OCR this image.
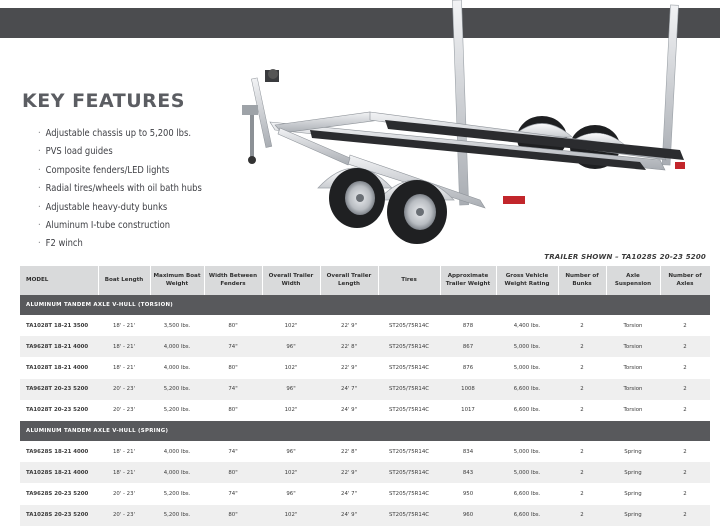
KEY FEATURES
· Adjustable chassis up to 5,200 lbs.
· PVS load guides
· Composite fenders/LED lights
· Radial tires/wheels with oil bath hubs
· Adjustable heavy-duty bunks
· Aluminum I-tube construction
· F2 winch
TRAILER SHOWN – TA1028S 20-23 5200
MODEL	Boat Length	Maximum Boat Weight	Width Between Fenders	Overall Trailer Width	Overall Trailer Length	Tires	Approximate Trailer Weight	Gross Vehicle Weight Rating	Number of Bunks	Axle Suspension	Number of Axles
ALUMINUM TANDEM AXLE V-HULL (TORSION)											
TA1028T 18-21 3500	18' - 21'	3,500 lbs.	80"	102"	22' 9"	ST205/75R14C	878	4,400 lbs.	2	Torsion	2
TA9628T 18-21 4000	18' - 21'	4,000 lbs.	74"	96"	22' 8"	ST205/75R14C	867	5,000 lbs.	2	Torsion	2
TA1028T 18-21 4000	18' - 21'	4,000 lbs.	80"	102"	22' 9"	ST205/75R14C	876	5,000 lbs.	2	Torsion	2
TA9628T 20-23 5200	20' - 23'	5,200 lbs.	74"	96"	24' 7"	ST205/75R14C	1008	6,600 lbs.	2	Torsion	2
TA1028T 20-23 5200	20' - 23'	5,200 lbs.	80"	102"	24' 9"	ST205/75R14C	1017	6,600 lbs.	2	Torsion	2
ALUMINUM TANDEM AXLE V-HULL (SPRING)											
TA9628S 18-21 4000	18' - 21'	4,000 lbs.	74"	96"	22' 8"	ST205/75R14C	834	5,000 lbs.	2	Spring	2
TA1028S 18-21 4000	18' - 21'	4,000 lbs.	80"	102"	22' 9"	ST205/75R14C	843	5,000 lbs.	2	Spring	2
TA9628S 20-23 5200	20' - 23'	5,200 lbs.	74"	96"	24' 7"	ST205/75R14C	950	6,600 lbs.	2	Spring	2
TA1028S 20-23 5200	20' - 23'	5,200 lbs.	80"	102"	24' 9"	ST205/75R14C	960	6,600 lbs.	2	Spring	2
